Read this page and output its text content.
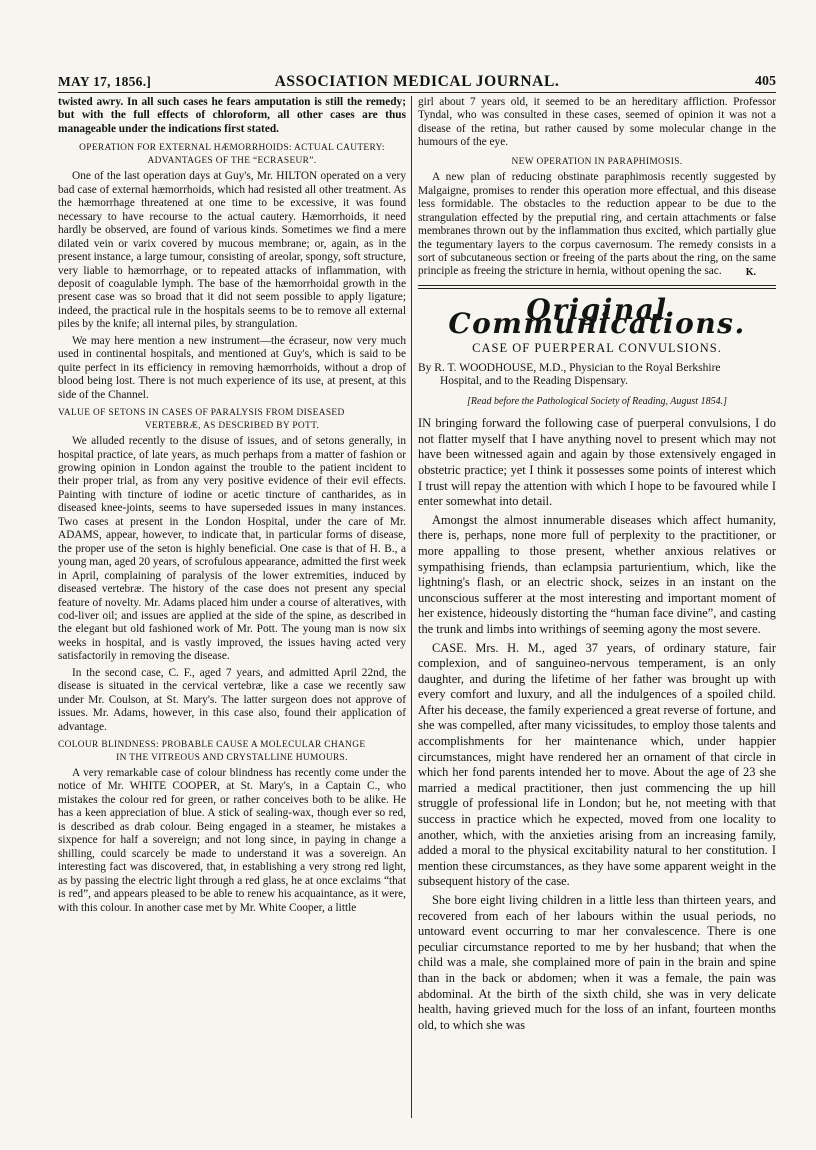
MAY 17, 1856.]	ASSOCIATION MEDICAL JOURNAL.	405

twisted awry. In all such cases he fears amputation is still the remedy; but with the full effects of chloroform, all other cases are thus manageable under the indications first stated.

OPERATION FOR EXTERNAL HÆMORRHOIDS: ACTUAL CAUTERY: ADVANTAGES OF THE “ECRASEUR”.

One of the last operation days at Guy's, Mr. HILTON operated on a very bad case of external hæmorrhoids, which had resisted all other treatment. As the hæmorrhage threatened at one time to be excessive, it was found necessary to have recourse to the actual cautery. Hæmorrhoids, it need hardly be observed, are found of various kinds. Sometimes we find a mere dilated vein or varix covered by mucous membrane; or, again, as in the present instance, a large tumour, consisting of areolar, spongy, soft structure, very liable to hæmorrhage, or to repeated attacks of inflammation, with deposit of coagulable lymph. The base of the hæmorrhoidal growth in the present case was so broad that it did not seem possible to apply ligature; indeed, the practical rule in the hospitals seems to be to remove all external piles by the knife; all internal piles, by strangulation.

We may here mention a new instrument—the écraseur, now very much used in continental hospitals, and mentioned at Guy's, which is said to be quite perfect in its efficiency in removing hæmorrhoids, without a drop of blood being lost. There is not much experience of its use, at present, at this side of the Channel.

VALUE OF SETONS IN CASES OF PARALYSIS FROM DISEASED
VERTEBRÆ, AS DESCRIBED BY POTT.

We alluded recently to the disuse of issues, and of setons generally, in hospital practice, of late years, as much perhaps from a matter of fashion or growing opinion in London against the trouble to the patient incident to their proper trial, as from any very positive evidence of their evil effects. Painting with tincture of iodine or acetic tincture of cantharides, as in diseased knee-joints, seems to have superseded issues in many instances. Two cases at present in the London Hospital, under the care of Mr. ADAMS, appear, however, to indicate that, in particular forms of disease, the proper use of the seton is highly beneficial. One case is that of H. B., a young man, aged 20 years, of scrofulous appearance, admitted the first week in April, complaining of paralysis of the lower extremities, induced by diseased vertebræ. The history of the case does not present any special feature of novelty. Mr. Adams placed him under a course of alteratives, with cod-liver oil; and issues are applied at the side of the spine, as described in the elegant but old fashioned work of Mr. Pott. The young man is now six weeks in hospital, and is vastly improved, the issues having acted very satisfactorily in removing the disease.

In the second case, C. F., aged 7 years, and admitted April 22nd, the disease is situated in the cervical vertebræ, like a case we recently saw under Mr. Coulson, at St. Mary's. The latter surgeon does not approve of issues. Mr. Adams, however, in this case also, found their application of advantage.

COLOUR BLINDNESS: PROBABLE CAUSE A MOLECULAR CHANGE
IN THE VITREOUS AND CRYSTALLINE HUMOURS.

A very remarkable case of colour blindness has recently come under the notice of Mr. WHITE COOPER, at St. Mary's, in a Captain C., who mistakes the colour red for green, or rather conceives both to be alike. He has a keen appreciation of blue. A stick of sealing-wax, though ever so red, is described as drab colour. Being engaged in a steamer, he mistakes a sixpence for half a sovereign; and not long since, in paying in change a shilling, could scarcely be made to understand it was a sovereign. An interesting fact was discovered, that, in establishing a very strong red light, as by passing the electric light through a red glass, he at once exclaims “that is red”, and appears pleased to be able to renew his acquaintance, as it were, with this colour. In another case met by Mr. White Cooper, a little

girl about 7 years old, it seemed to be an hereditary affliction. Professor Tyndal, who was consulted in these cases, seemed of opinion it was not a disease of the retina, but rather caused by some molecular change in the humours of the eye.

NEW OPERATION IN PARAPHIMOSIS.

A new plan of reducing obstinate paraphimosis recently suggested by Malgaigne, promises to render this operation more effectual, and this disease less formidable. The obstacles to the reduction appear to be due to the strangulation effected by the preputial ring, and certain attachments or false membranes thrown out by the inflammation thus excited, which partially glue the tegumentary layers to the corpus cavernosum. The remedy consists in a sort of subcutaneous section or freeing of the parts about the ring, on the same principle as freeing the stricture in hernia, without opening the sac.	K.
Original Communications.
CASE OF PUERPERAL CONVULSIONS.
By R. T. WOODHOUSE, M.D., Physician to the Royal Berkshire
Hospital, and to the Reading Dispensary.
[Read before the Pathological Society of Reading, August 1854.]

IN bringing forward the following case of puerperal convulsions, I do not flatter myself that I have anything novel to present which may not have been witnessed again and again by those extensively engaged in obstetric practice; yet I think it possesses some points of interest which I trust will repay the attention with which I hope to be favoured while I enter somewhat into detail.

Amongst the almost innumerable diseases which affect humanity, there is, perhaps, none more full of perplexity to the practitioner, or more appalling to those present, whether anxious relatives or sympathising friends, than eclampsia parturientium, which, like the lightning's flash, or an electric shock, seizes in an instant on the unconscious sufferer at the most interesting and important moment of her existence, hideously distorting the “human face divine”, and casting the trunk and limbs into writhings of seeming agony the most severe.

CASE. Mrs. H. M., aged 37 years, of ordinary stature, fair complexion, and of sanguineo-nervous temperament, is an only daughter, and during the lifetime of her father was brought up with every comfort and luxury, and all the indulgences of a spoiled child. After his decease, the family experienced a great reverse of fortune, and she was compelled, after many vicissitudes, to employ those talents and accomplishments for her maintenance which, under happier circumstances, might have rendered her an ornament of that circle in which her fond parents intended her to move. About the age of 23 she married a medical practitioner, then just commencing the up hill struggle of professional life in London; but he, not meeting with that success in practice which he expected, moved from one locality to another, which, with the anxieties arising from an increasing family, added a moral to the physical excitability natural to her constitution. I mention these circumstances, as they have some apparent weight in the subsequent history of the case.

She bore eight living children in a little less than thirteen years, and recovered from each of her labours within the usual periods, no untoward event occurring to mar her convalescence. There is one peculiar circumstance reported to me by her husband; that when the child was a male, she complained more of pain in the brain and spine than in the back or abdomen; when it was a female, the pain was abdominal. At the birth of the sixth child, she was in very delicate health, having grieved much for the loss of an infant, fourteen months old, to which she was
